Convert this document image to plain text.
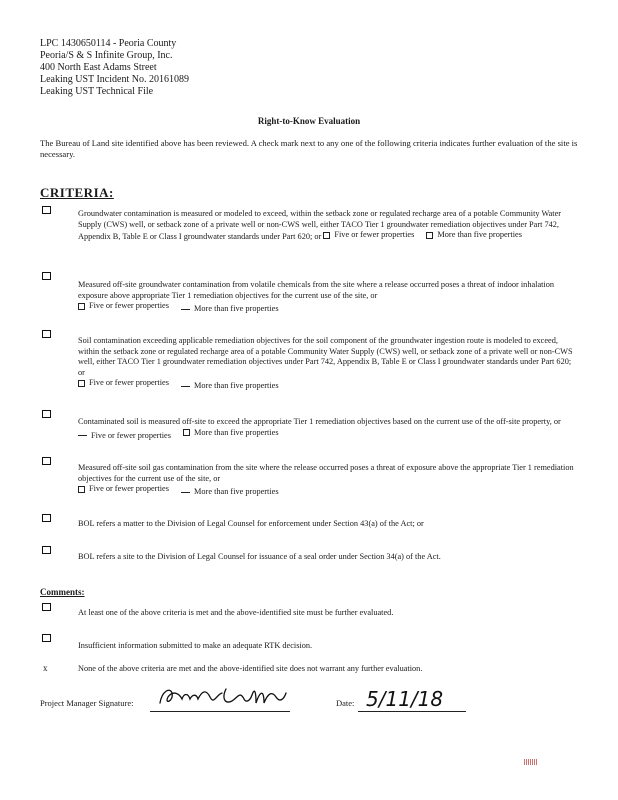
LPC 1430650114 - Peoria County
Peoria/S & S Infinite Group, Inc.
400 North East Adams Street
Leaking UST Incident No. 20161089
Leaking UST Technical File
Right-to-Know Evaluation
The Bureau of Land site identified above has been reviewed. A check mark next to any one of the following criteria indicates further evaluation of the site is necessary.
CRITERIA:
Groundwater contamination is measured or modeled to exceed, within the setback zone or regulated recharge area of a potable Community Water Supply (CWS) well, or setback zone of a private well or non-CWS well, either TACO Tier 1 groundwater remediation objectives under Part 742, Appendix B, Table E or Class I groundwater standards under Part 620; or Five or fewer properties
	More than five properties
Measured off-site groundwater contamination from volatile chemicals from the site where a release occurred poses a threat of indoor inhalation exposure above appropriate Tier 1 remediation objectives for the current use of the site, or
Five or fewer properties
	More than five properties
Soil contamination exceeding applicable remediation objectives for the soil component of the groundwater ingestion route is modeled to exceed, within the setback zone or regulated recharge area of a potable Community Water Supply (CWS) well, or setback zone of a private well or non-CWS well, either TACO Tier 1 groundwater remediation objectives under Part 742, Appendix B, Table E or Class I groundwater standards under Part 620; or
Five or fewer properties
	More than five properties
Contaminated soil is measured off-site to exceed the appropriate Tier 1 remediation objectives based on the current use of the off-site property, or
Five or fewer properties
	More than five properties
Measured off-site soil gas contamination from the site where the release occurred poses a threat of exposure above the appropriate Tier 1 remediation objectives for the current use of the site, or
Five or fewer properties
	More than five properties
BOL refers a matter to the Division of Legal Counsel for enforcement under Section 43(a) of the Act; or
BOL refers a site to the Division of Legal Counsel for issuance of a seal order under Section 34(a) of the Act.
Comments:
At least one of the above criteria is met and the above-identified site must be further evaluated.
Insufficient information submitted to make an adequate RTK decision.
x	None of the above criteria are met and the above-identified site does not warrant any further evaluation.
Project Manager Signature:	Date: 5/11/18
